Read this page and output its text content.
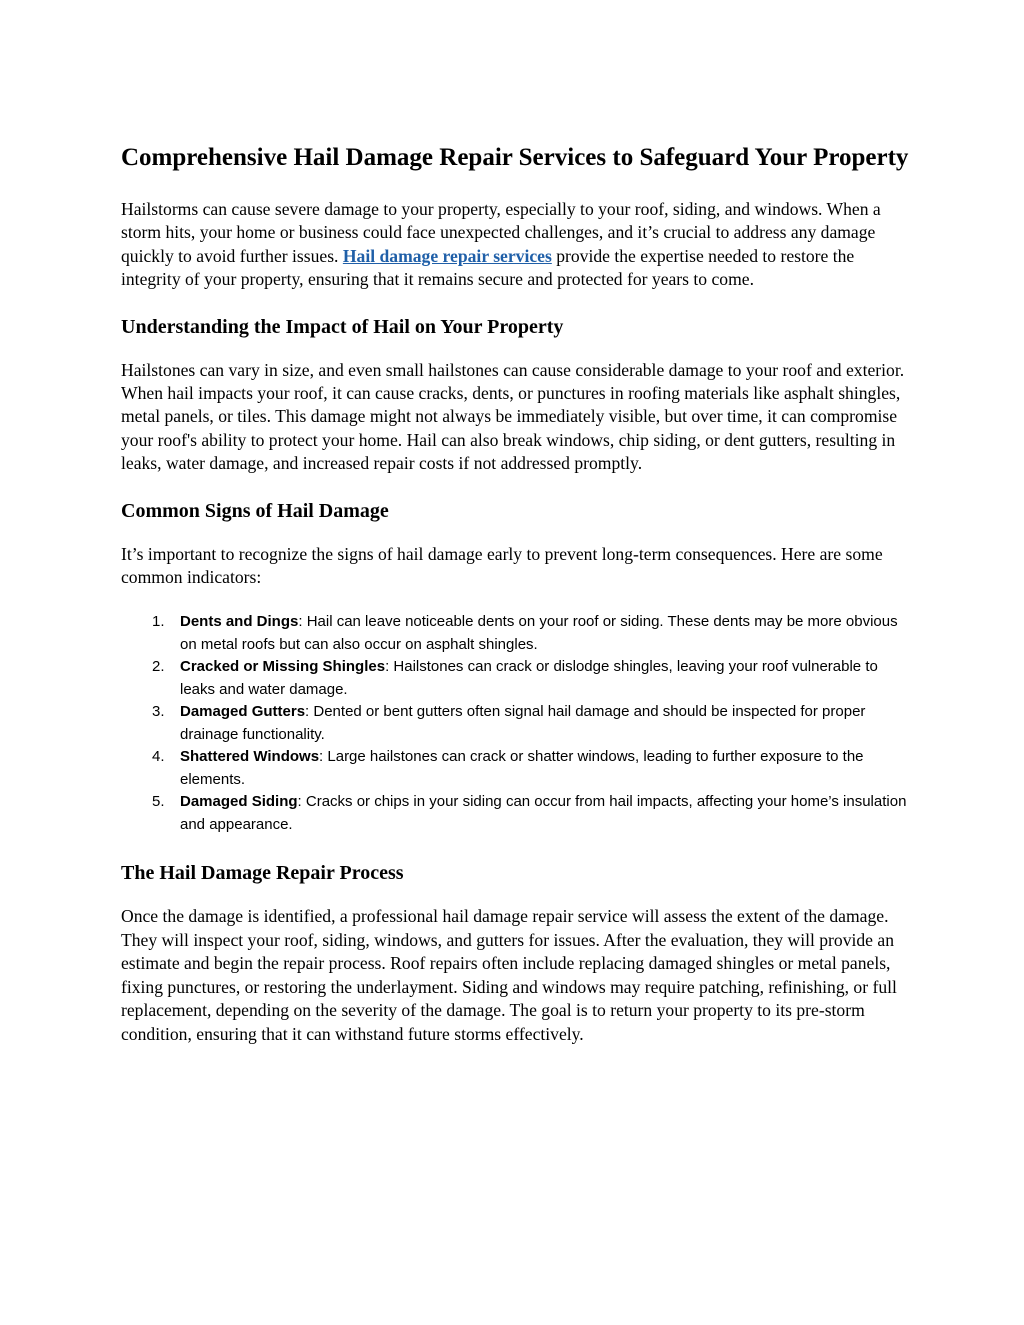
Comprehensive Hail Damage Repair Services to Safeguard Your Property

Hailstorms can cause severe damage to your property, especially to your roof, siding, and windows. When a storm hits, your home or business could face unexpected challenges, and it’s crucial to address any damage quickly to avoid further issues. Hail damage repair services provide the expertise needed to restore the integrity of your property, ensuring that it remains secure and protected for years to come.

Understanding the Impact of Hail on Your Property

Hailstones can vary in size, and even small hailstones can cause considerable damage to your roof and exterior. When hail impacts your roof, it can cause cracks, dents, or punctures in roofing materials like asphalt shingles, metal panels, or tiles. This damage might not always be immediately visible, but over time, it can compromise your roof's ability to protect your home. Hail can also break windows, chip siding, or dent gutters, resulting in leaks, water damage, and increased repair costs if not addressed promptly.

Common Signs of Hail Damage

It’s important to recognize the signs of hail damage early to prevent long-term consequences. Here are some common indicators:

1. Dents and Dings: Hail can leave noticeable dents on your roof or siding. These dents may be more obvious on metal roofs but can also occur on asphalt shingles.
2. Cracked or Missing Shingles: Hailstones can crack or dislodge shingles, leaving your roof vulnerable to leaks and water damage.
3. Damaged Gutters: Dented or bent gutters often signal hail damage and should be inspected for proper drainage functionality.
4. Shattered Windows: Large hailstones can crack or shatter windows, leading to further exposure to the elements.
5. Damaged Siding: Cracks or chips in your siding can occur from hail impacts, affecting your home’s insulation and appearance.
The Hail Damage Repair Process

Once the damage is identified, a professional hail damage repair service will assess the extent of the damage. They will inspect your roof, siding, windows, and gutters for issues. After the evaluation, they will provide an estimate and begin the repair process. Roof repairs often include replacing damaged shingles or metal panels, fixing punctures, or restoring the underlayment. Siding and windows may require patching, refinishing, or full replacement, depending on the severity of the damage. The goal is to return your property to its pre-storm condition, ensuring that it can withstand future storms effectively.
